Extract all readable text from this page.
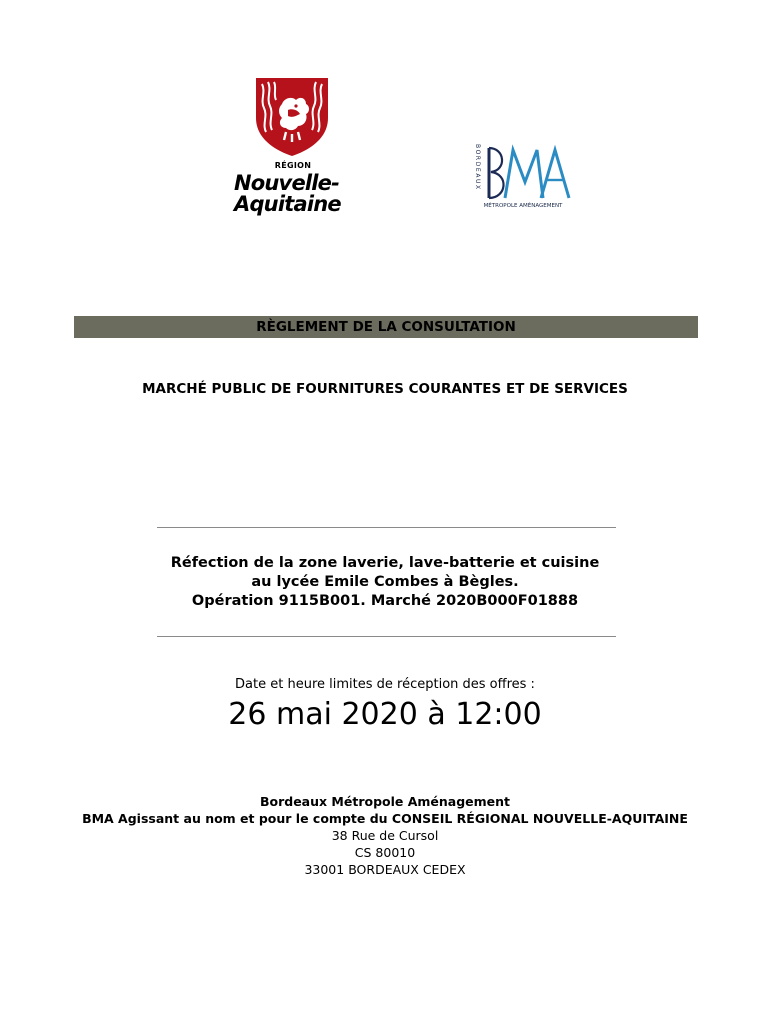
RÉGION
Nouvelle-
Aquitaine
BORDEAUX
MÉTROPOLE AMÉNAGEMENT
RÈGLEMENT DE LA CONSULTATION
MARCHÉ PUBLIC DE FOURNITURES COURANTES ET DE SERVICES
Réfection de la zone laverie, lave-batterie et cuisine
au lycée Emile Combes à Bègles.
Opération 9115B001. Marché 2020B000F01888
Date et heure limites de réception des offres :
26 mai 2020 à 12:00
Bordeaux Métropole Aménagement
BMA Agissant au nom et pour le compte du CONSEIL RÉGIONAL NOUVELLE-AQUITAINE
38 Rue de Cursol
CS 80010
33001 BORDEAUX CEDEX
